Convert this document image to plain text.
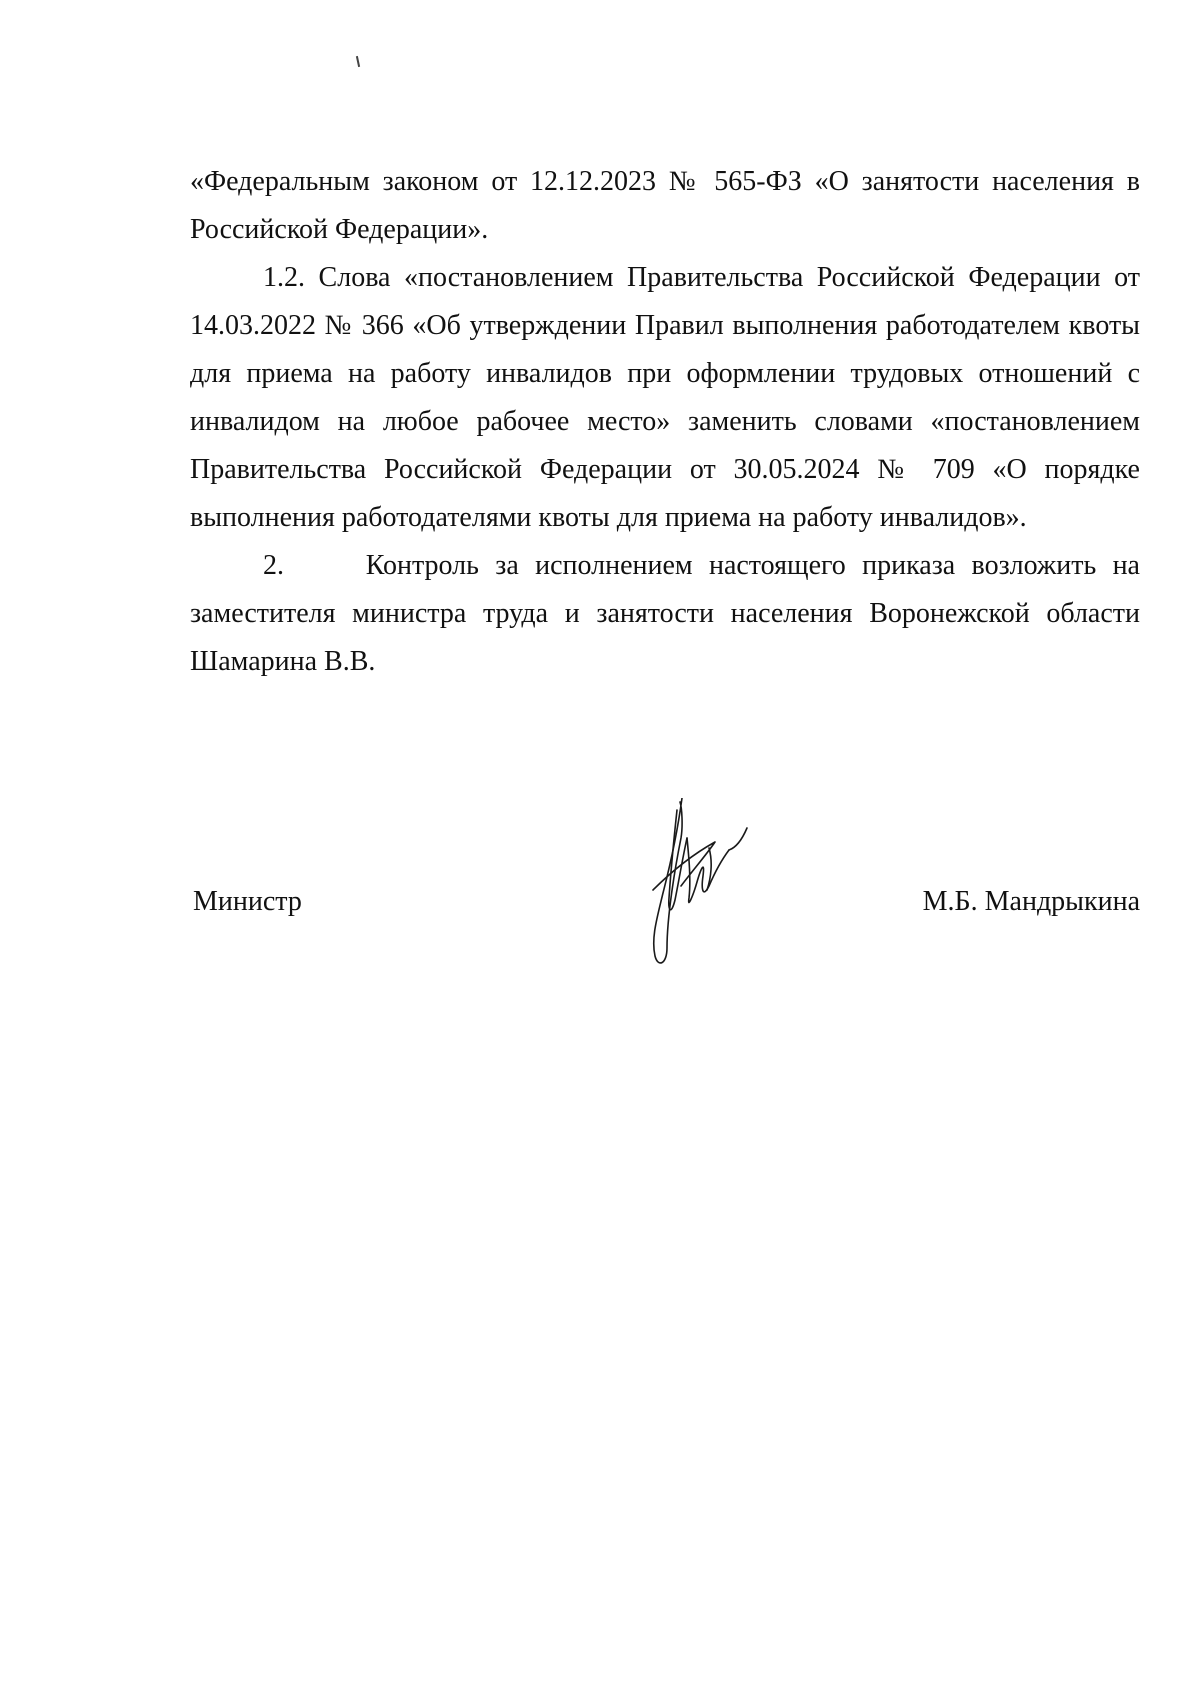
«Федеральным законом от 12.12.2023 № 565-ФЗ «О занятости населения в Российской Федерации».

1.2. Слова «постановлением Правительства Российской Федерации от 14.03.2022 № 366 «Об утверждении Правил выполнения работодателем квоты для приема на работу инвалидов при оформлении трудовых отношений с инвалидом на любое рабочее место» заменить словами «постановлением Правительства Российской Федерации от 30.05.2024 № 709 «О порядке выполнения работодателями квоты для приема на работу инвалидов».

2.     Контроль за исполнением настоящего приказа возложить на заместителя министра труда и занятости населения Воронежской области Шамарина В.В.

Министр	М.Б. Мандрыкина
